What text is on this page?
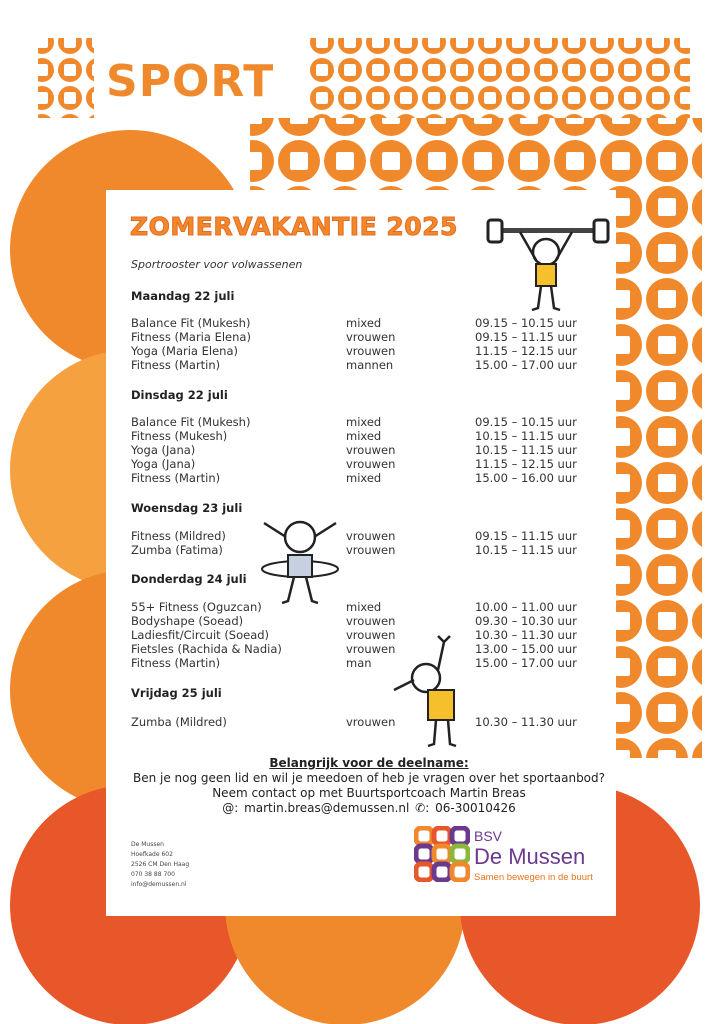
SPORT
ZOMERVAKANTIE 2025
Sportrooster voor volwassenen
Maandag 22 juli
Balance Fit (Mukesh)	mixed	09.15 – 10.15 uur
Fitness (Maria Elena)	vrouwen	09.15 – 11.15 uur
Yoga (Maria Elena)	vrouwen	11.15 – 12.15 uur
Fitness (Martin)	mannen	15.00 – 17.00 uur
Dinsdag 22 juli
Balance Fit (Mukesh)	mixed	09.15 – 10.15 uur
Fitness (Mukesh)	mixed	10.15 – 11.15 uur
Yoga (Jana)	vrouwen	10.15 – 11.15 uur
Yoga (Jana)	vrouwen	11.15 – 12.15 uur
Fitness (Martin)	mixed	15.00 – 16.00 uur
Woensdag 23 juli
Fitness (Mildred)	vrouwen	09.15 – 11.15 uur
Zumba (Fatima)	vrouwen	10.15 – 11.15 uur
Donderdag 24 juli
55+ Fitness (Oguzcan)	mixed	10.00 – 11.00 uur
Bodyshape (Soead)	vrouwen	09.30 – 10.30 uur
Ladiesfit/Circuit (Soead)	vrouwen	10.30 – 11.30 uur
Fietsles (Rachida & Nadia)	vrouwen	13.00 – 15.00 uur
Fitness (Martin)	man	15.00 – 17.00 uur
Vrijdag 25 juli
Zumba (Mildred)	vrouwen	10.30 – 11.30 uur
Belangrijk voor de deelname:
Ben je nog geen lid en wil je meedoen of heb je vragen over het sportaanbod?
Neem contact op met Buurtsportcoach Martin Breas
@: martin.breas@demussen.nl ✆: 06-30010426
De Mussen
Hoefkade 602
2526 CM Den Haag
070 38 88 700
info@demussen.nl
BSV
De Mussen
Samen bewegen in de buurt
